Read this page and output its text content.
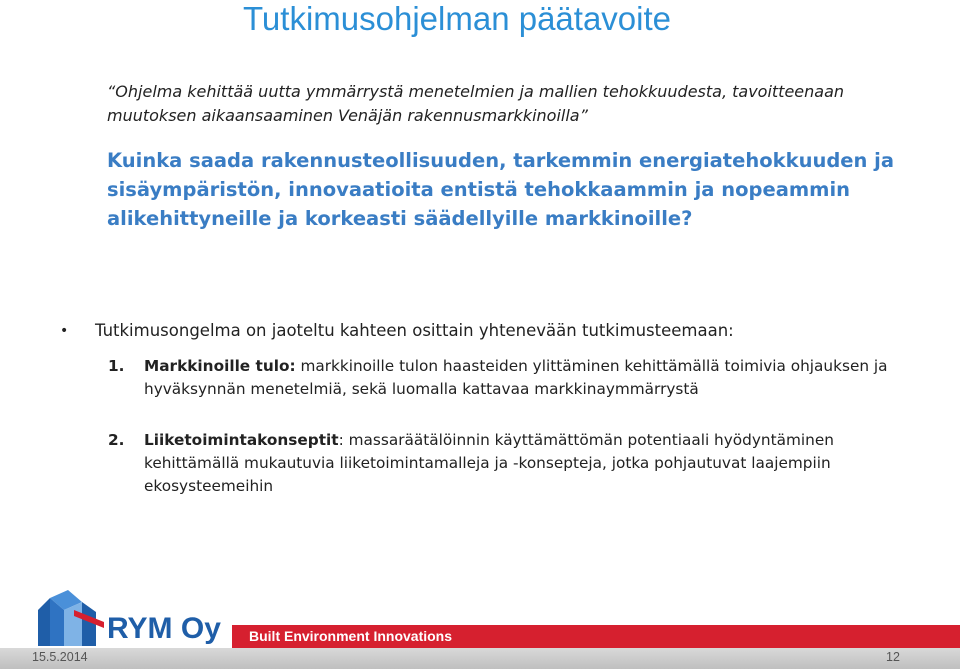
Tutkimusohjelman päätavoite
“Ohjelma kehittää uutta ymmärrystä menetelmien ja mallien tehokkuudesta, tavoitteenaan muutoksen aikaansaaminen Venäjän rakennusmarkkinoilla”
Kuinka saada rakennusteollisuuden, tarkemmin energiatehokkuuden ja sisäympäristön, innovaatioita entistä tehokkaammin ja nopeammin alikehittyneille ja korkeasti säädellyille markkinoille?
• Tutkimusongelma on jaoteltu kahteen osittain yhtenevään tutkimusteemaan:
1. Markkinoille tulo: markkinoille tulon haasteiden ylittäminen kehittämällä toimivia ohjauksen ja hyväksynnän menetelmiä, sekä luomalla kattavaa markkinaymmärrystä
2. Liiketoimintakonseptit: massaräätälöinnin käyttämättömän potentiaali hyödyntäminen kehittämällä mukautuvia liiketoimintamalleja ja -konsepteja, jotka pohjautuvat laajempiin ekosysteemeihin
RYM Oy Built Environment Innovations
15.5.2014	12
